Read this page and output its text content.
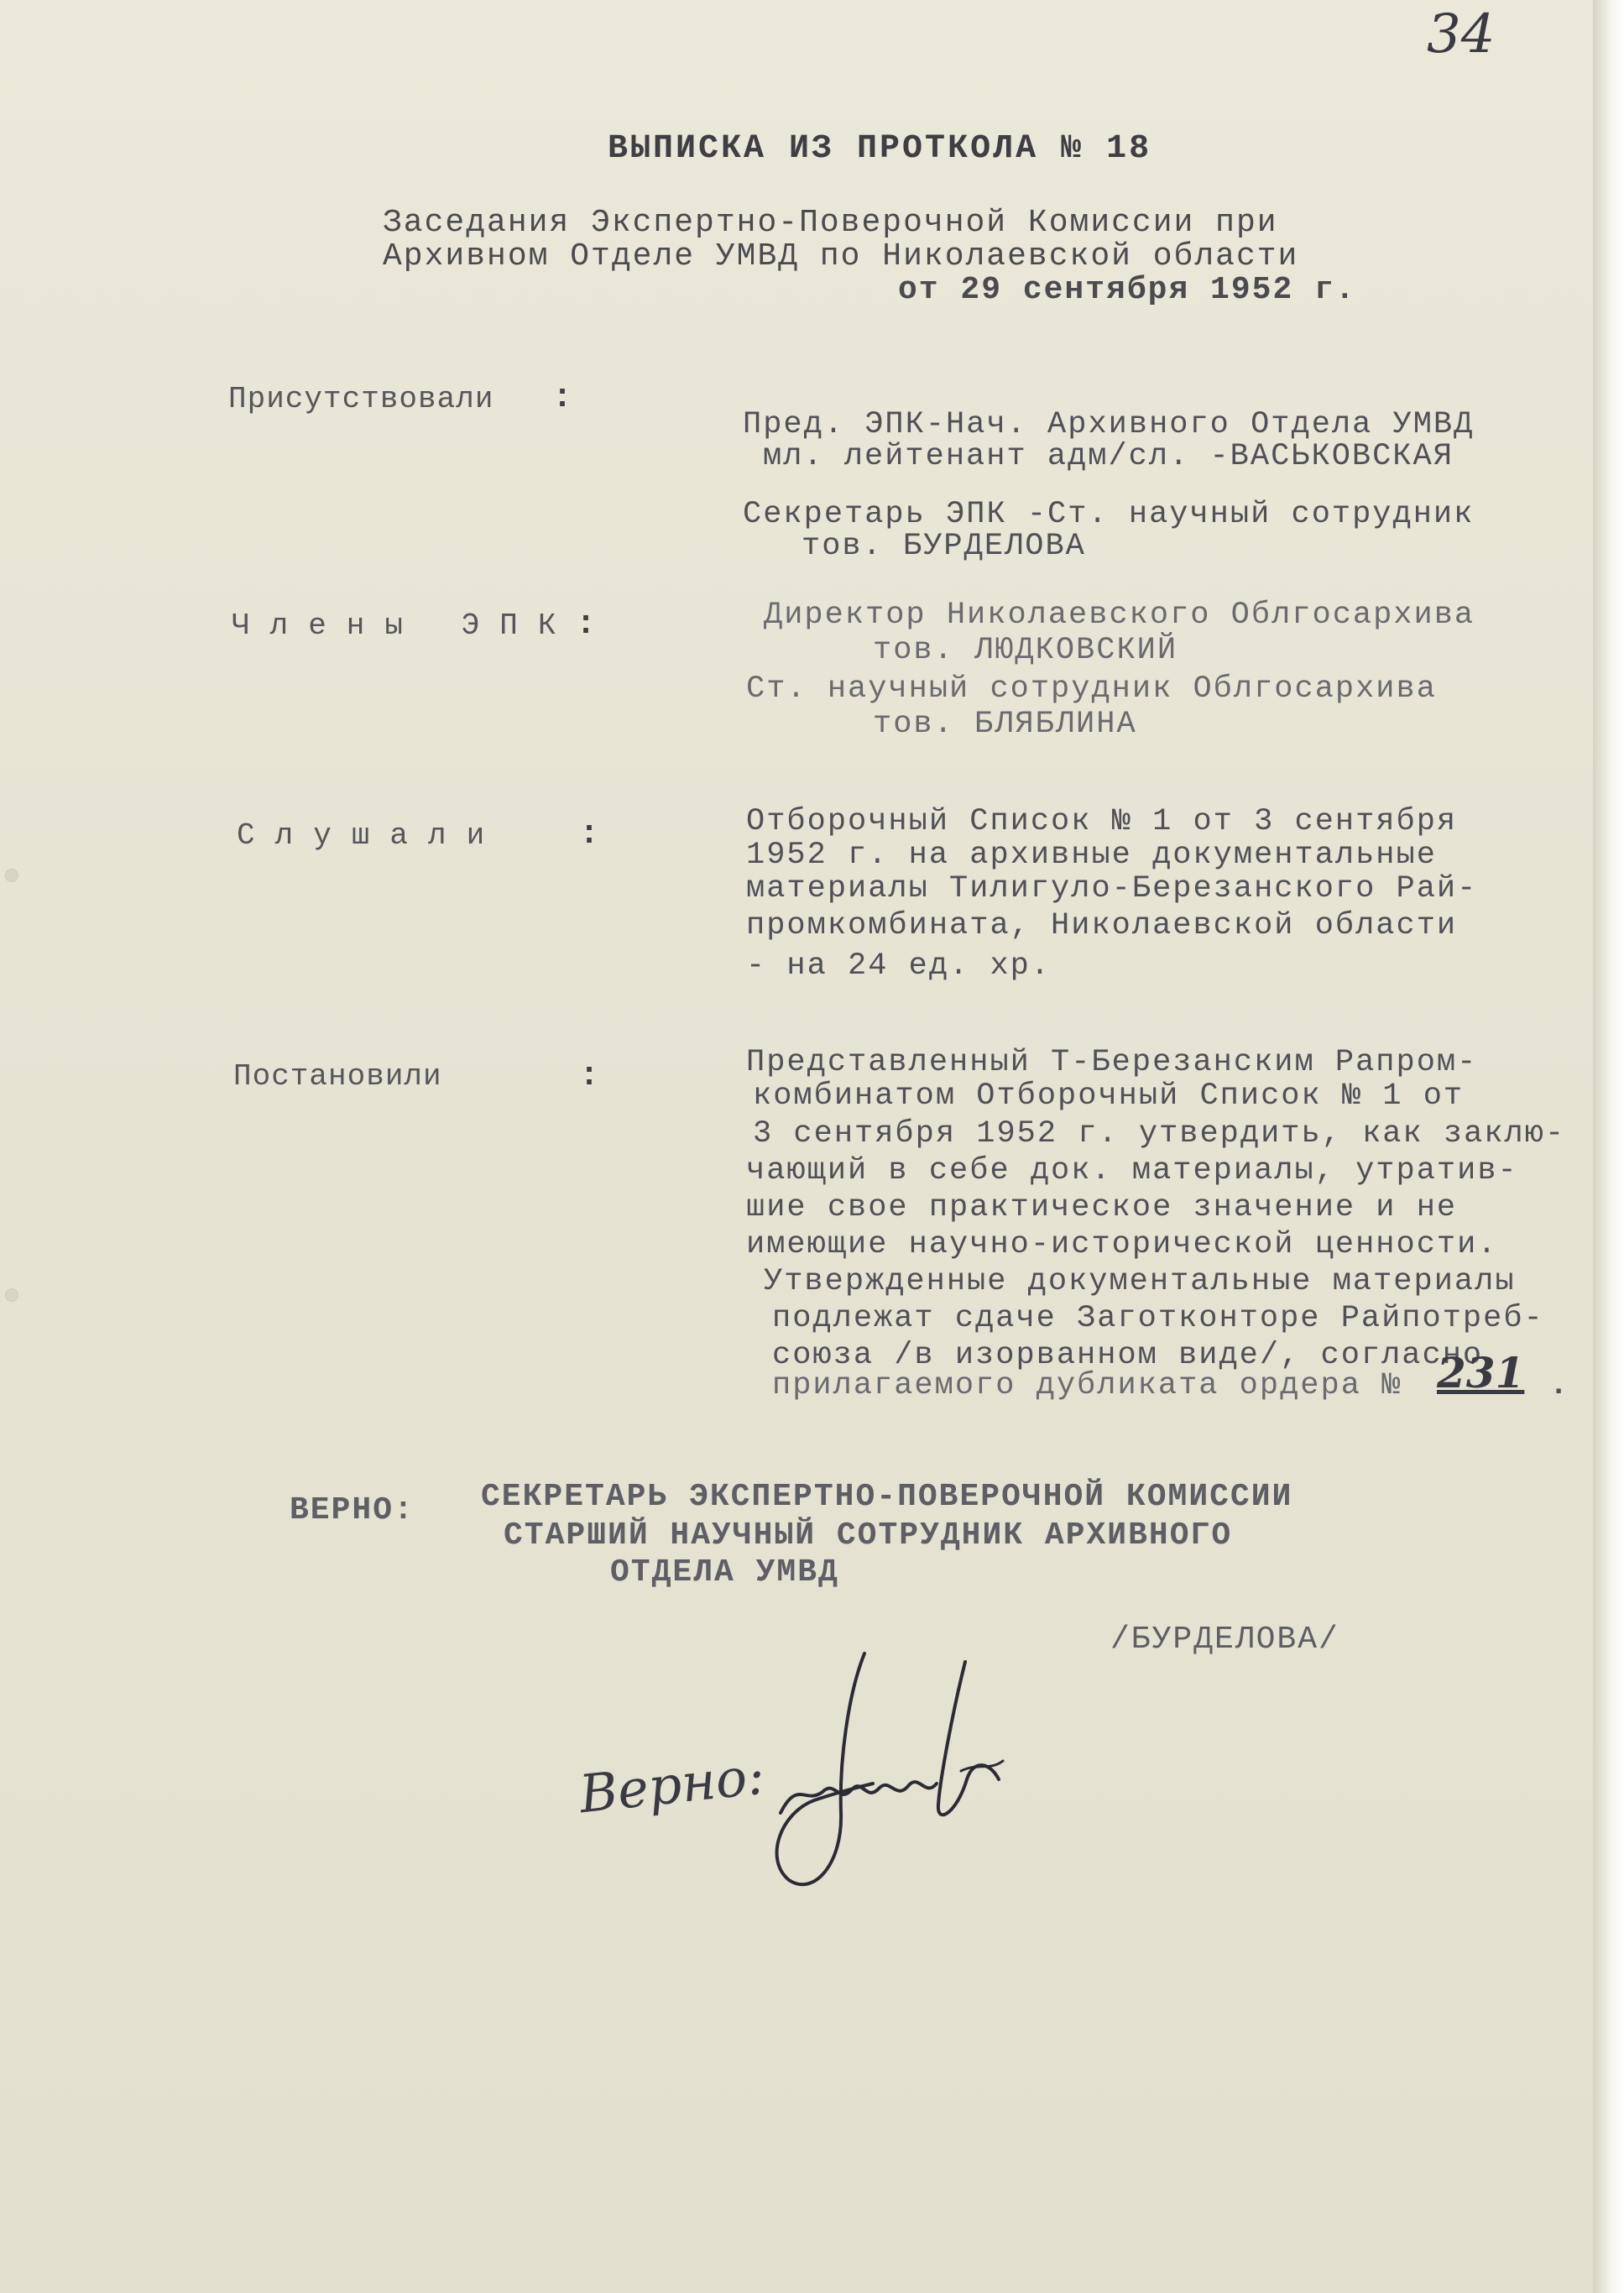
34
ВЫПИСКА ИЗ ПРОТКОЛА № 18
Заседания Экспертно-Поверочной Комиссии при
Архивном Отделе УМВД по Николаевской области
от 29 сентября 1952 г.
Присутствовали :
Пред. ЭПК-Нач. Архивного Отдела УМВД
мл. лейтенант адм/сл. -ВАСЬКОВСКАЯ
Секретарь ЭПК -Ст. научный сотрудник
тов. БУРДЕЛОВА
Члены ЭПК :	Директор Николаевского Облгосархива
тов. ЛЮДКОВСКИЙ
Ст. научный сотрудник Облгосархива
тов. БЛЯБЛИНА
Слушали :	Отборочный Список № 1 от 3 сентября
1952 г. на архивные документальные
материалы Тилигуло-Березанского Рай-
промкомбината, Николаевской области
- на 24 ед. хр.
Постановили	:	Представленный Т-Березанским Рапром-
комбинатом Отборочный Список № 1 от
3 сентября 1952 г. утвердить, как заклю-
чающий в себе док. материалы, утратив-
шие свое практическое значение и не
имеющие научно-исторической ценности.
Утвержденные документальные материалы
подлежат сдаче Заготконторе Райпотреб-
союза /в изорванном виде/, согласно
прилагаемого дубликата ордера № 231 .
ВЕРНО: СЕКРЕТАРЬ ЭКСПЕРТНО-ПОВЕРОЧНОЙ КОМИССИИ
СТАРШИЙ НАУЧНЫЙ СОТРУДНИК АРХИВНОГО
ОТДЕЛА УМВД
/БУРДЕЛОВА/
Верно:
